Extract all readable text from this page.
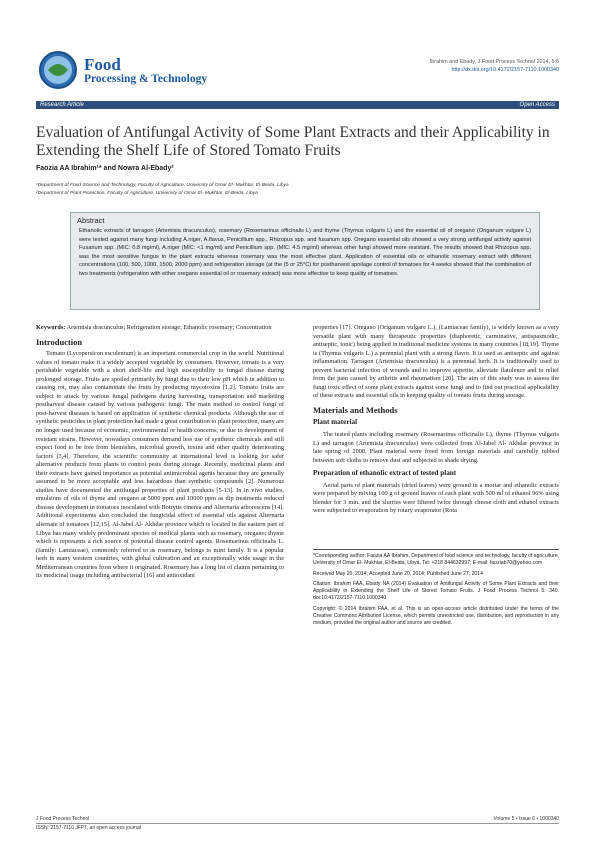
Food
Processing & Technology
Ibrahim and Ebady, J Food Process Technol 2014, 5:6
http://dx.doi.org/10.4172/2157-7110.1000340
Research Article	Open Access
Evaluation of Antifungal Activity of Some Plant Extracts and their Applicability in Extending the Shelf Life of Stored Tomato Fruits
Faozia AA Ibrahim¹* and Nowra Al-Ebady²
¹Department of Food Science and Technology, Faculty of Agriculture, University of Omar El- Mukhtar, El-Beida, Libya
²Department of Plant Protection, Faculty of Agriculture, University of Omar El- Mukhtar, El-Beida, Libya
Abstract
Ethanolic extracts of tarragon (Artemisia dracunculus), rosemary (Rosemarinus officinalis L) and thyme (Thymus vulgaris L) and the essential oil of oregano (Origanum vulgare L) were tested against many fungi including A.niger, A.flavus, Penicillium spp., Rhizopus spp. and fusarium spp. Oregano essential oils showed a very strong antifungal activity against Fusarium spp. (MIC: 0.8 mg/ml), A.niger (MIC: <1 mg/ml) and Penicillium spp. (MIC: 4.5 mg/ml) whereas other fungi showed more resistant. The results showed that Rhizopus spp. was the most sensitive fungus to the plant extracts whereas rosemary was the most effective plant. Application of essential oils or ethanolic rosemary extract with different concentrations (100, 500, 1000, 1500, 2000 ppm) and refrigeration storage (at the (5 or 25°C) for postharvest spoilage control of tomatoes for 4 weeks showed that the combination of two treatments (refrigeration with either oregano essential oil or rosemary extract) was more effective to keep quality of tomatoes.

Keywords: Artemisia dracunculus; Refrigeration storage; Ethanolic rosemary; Concentration

Introduction

Tomato (Lycopersicon esculentum) is an important commercial crop in the world. Nutritional values of tomato make it a widely accepted vegetable by consumers. However, tomato is a very perishable vegetable with a short shelf-life and high susceptibility to fungal disease during prolonged storage. Fruits are spoiled primarily by fungi due to their low pH which in addition to causing rot, may also contaminate the fruits by producing mycotoxins [1,2]. Tomato fruits are subject to attack by various fungal pathogens during harvesting, transportation and marketing postharvest disease caused by various pathogenic fungi. The main method to control fungi of post-harvest diseases is based on application of synthetic chemical products. Although the use of synthetic pesticides in plant protection had made a great contribution to plant protection, many are no longer used because of economic, environmental or health concerns, or due to development of resistant strains. However, nowadays consumers demand less use of synthetic chemicals and still expect food to be free from blemishes, microbial growth, toxins and other quality deteriorating factors [3,4]. Therefore, the scientific community at international level is looking for safer alternative products from plants to control pests during storage. Recently, medicinal plants and their extracts have gained importance as potential antimicrobial agents because they are generally assumed to be more acceptable and less hazardous than synthetic compounds [2]. Numerous studies have documented the antifungal properties of plant products [5-13]. In in vivo studies, emulsions of oils of thyme and oregano at 5000 ppm and 10000 ppm as dip treatments reduced disease development in tomatoes inoculated with Botrytis cinerea and Alternaria arborescens [14]. Additional experiments also concluded the fungicidal effect of essential oils against Alternaria alternate of tomatoes [12,15]. Al-Jabel Al- Akhdar province which is located in the eastern part of Libya has many widely predominant species of medical plants such as rosemary, oregano; thyme which is represents a rich source of potential disease control agents. Rosemarinus officinalis L. (family: Lamiaceae), commonly referred to as rosemary, belongs to mint family. It is a popular herb in many western countries, with global cultivation and an exceptionally wide usage in the Mediterranean countries from where it originated. Rosemary has a long list of claims pertaining to its medicinal usage including antibacterial [16] and antioxidant

properties [17]. Oregano (Origanum vulgare L.), (Lamiaceae family), is widely known as a very versatile plant with many therapeutic properties (diaphoretic, carminative, antispasmodic, antiseptic, tonic) being applied in traditional medicine systems in many countries [18,19]. Thyme is (Thymus vulgaris L.) a perennial plant with a strong flavor. It is used as antiseptic and against inflammation. Tarragon (Artemisia dracunculus) is a perennial herb. It is traditionally used to prevent bacterial infection of wounds and to improve appetite, alleviate flatulence and to relief from the pain caused by arthritis and rheumatism [20]. The aim of this study was to assess the fungi toxic effect of some plant extracts against some fungi and to find out practical applicability of these extracts and essential oils in keeping quality of tomato fruits during storage.

Materials and Methods
Plant material

The tested plants including rosemary (Rosemarinus officinalis L), thyme (Thymus vulgaris L) and tarragon (Artemisia dracunculus) were collected from Al-Jabel Al- Akhdar province in late spring of 2008. Plant material were freed from foreign materials and carefully rubbed between soft cloths to remove dust and subjected to shade drying.

Preparation of ethanolic extract of tested plant

Aerial parts of plant materials (dried leaves) were ground in a mortar and ethanolic extracts were prepared by mixing 100 g of ground leaves of each plant with 500 ml of ethanol 96% using blender for 3 min. and the slurries were filtered twice through cheese cloth and ethanol extracts were subjected to evaporation by rotary evaporator (Rota

*Corresponding author: Faozia AA Ibrahim, Department of food science and technology, faculty of agriculture, University of Omar El- Mukhtar, El-Beida, Libya, Tel: +218 844632997; E-mail: faoziab70@yahoo.com
Received May 20, 2014; Accepted June 20, 2014; Published June 27, 2014
Citation: Ibrahim FAA, Ebady NA (2014) Evaluation of Antifungal Activity of Some Plant Extracts and their Applicability in Extending the Shelf Life of Stored Tomato Fruits. J Food Process Technol 5: 340. doi:10.4172/2157-7110.1000340
Copyright: © 2014 Ibrahim FAA, et al. This is an open-access article distributed under the terms of the Creative Commons Attribution License, which permits unrestricted use, distribution, and reproduction in any medium, provided the original author and source are credited.
J Food Process Technol
ISSN: 2157-7110 JFPT, an open access journal
Volume 5 • Issue 6 • 1000340
